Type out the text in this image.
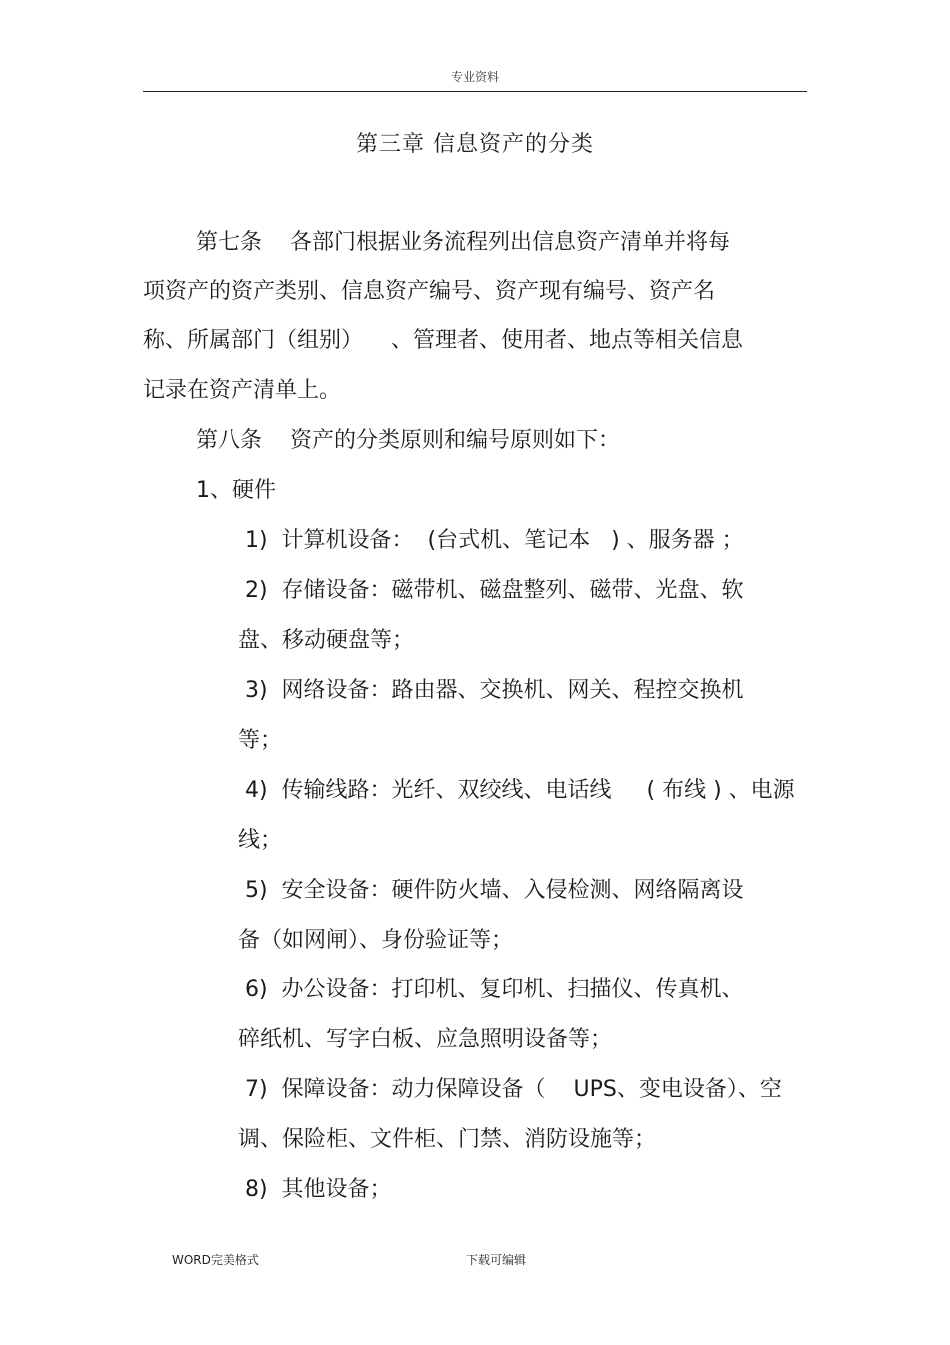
专业资料
第三章 信息资产的分类
第七条    各部门根据业务流程列出信息资产清单并将每
项资产的资产类别、信息资产编号、资产现有编号、资产名
称、所属部门（组别）    、管理者、使用者、地点等相关信息
记录在资产清单上。
第八条    资产的分类原则和编号原则如下：
1、硬件
1)  计算机设备：  (台式机、笔记本   ) 、服务器 ；
2)  存储设备：磁带机、磁盘整列、磁带、光盘、软
盘、移动硬盘等；
3)  网络设备：路由器、交换机、网关、程控交换机
等；
4)  传输线路：光纤、双绞线、电话线     ( 布线 ) 、电源
线；
5)  安全设备：硬件防火墙、入侵检测、网络隔离设
备（如网闸）、身份验证等；
6)  办公设备：打印机、复印机、扫描仪、传真机、
碎纸机、写字白板、应急照明设备等；
7)  保障设备：动力保障设备（    UPS、变电设备）、空
调、保险柜、文件柜、门禁、消防设施等；
8)  其他设备；
WORD完美格式	下载可编辑
